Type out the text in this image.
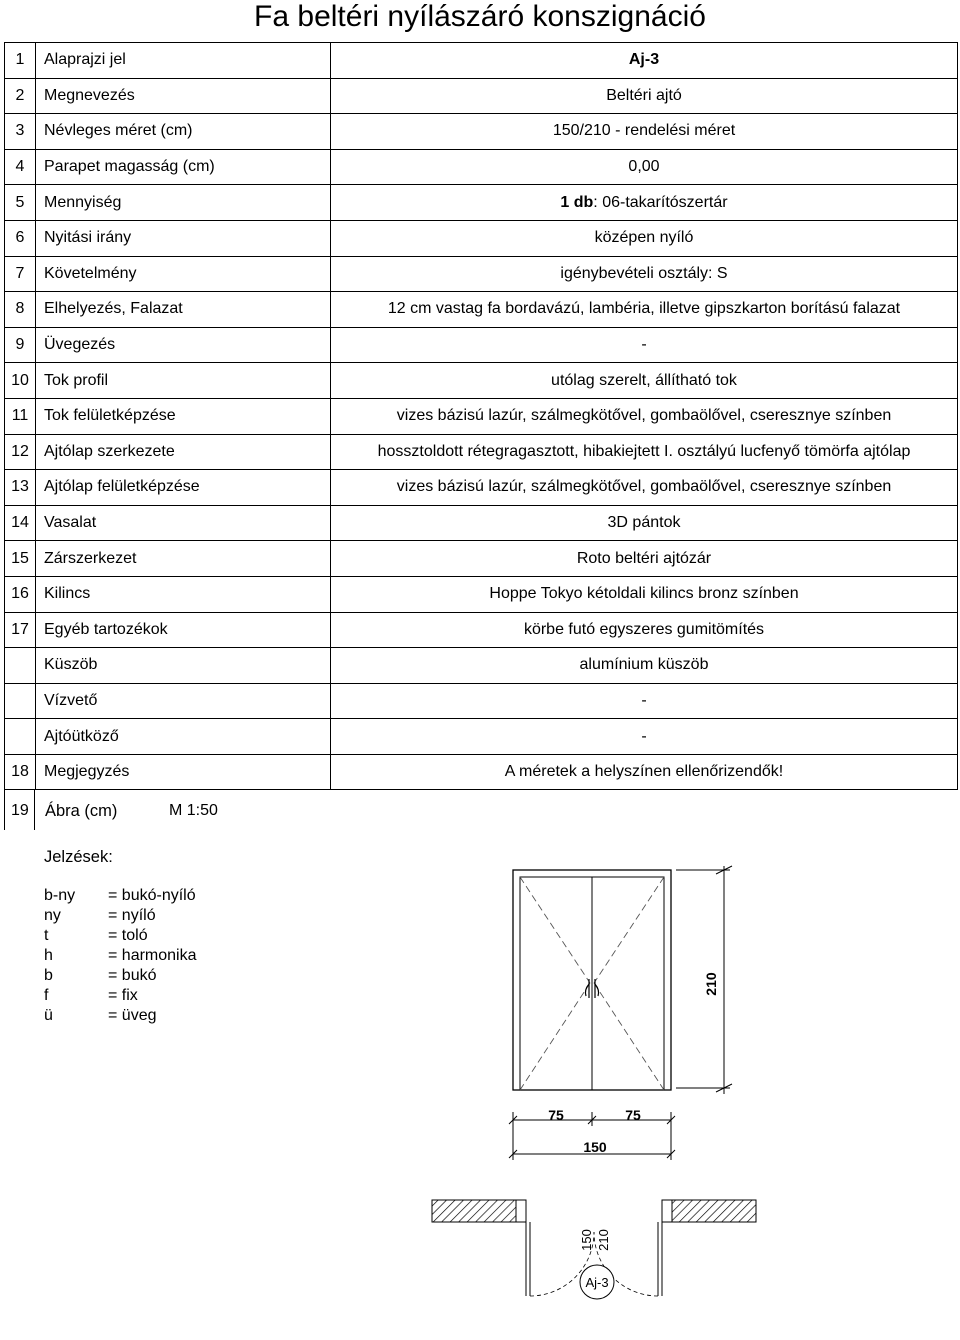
Fa beltéri nyílászáró konszignáció
1	Alaprajzi jel	Aj-3
2	Megnevezés	Beltéri ajtó
3	Névleges méret (cm)	150/210 - rendelési méret
4	Parapet magasság (cm)	0,00
5	Mennyiség	1 db: 06-takarítószertár
6	Nyitási irány	középen nyíló
7	Követelmény	igénybevételi osztály: S
8	Elhelyezés, Falazat	12 cm vastag fa bordavázú, lambéria, illetve gipszkarton borítású falazat
9	Üvegezés	-
10	Tok profil	utólag szerelt, állítható tok
11	Tok felületképzése	vizes bázisú lazúr, szálmegkötővel, gombaölővel, cseresznye színben
12	Ajtólap szerkezete	hossztoldott rétegragasztott, hibakiejtett I. osztályú lucfenyő tömörfa ajtólap
13	Ajtólap felületképzése	vizes bázisú lazúr, szálmegkötővel, gombaölővel, cseresznye színben
14	Vasalat	3D pántok
15	Zárszerkezet	Roto beltéri ajtózár
16	Kilincs	Hoppe Tokyo kétoldali kilincs bronz színben
17	Egyéb tartozékok	körbe futó egyszeres gumitömítés
	Küszöb	alumínium küszöb
	Vízvető	-
	Ajtóütköző	-
18	Megjegyzés	A méretek a helyszínen ellenőrizendők!
19 Ábra (cm)	M 1:50
Jelzések:
b-ny	= bukó-nyíló
ny	= nyíló
t	= toló
h	= harmonika
b	= bukó
f	= fix
ü	= üveg
210
75	75
150
150 210
Aj-3
